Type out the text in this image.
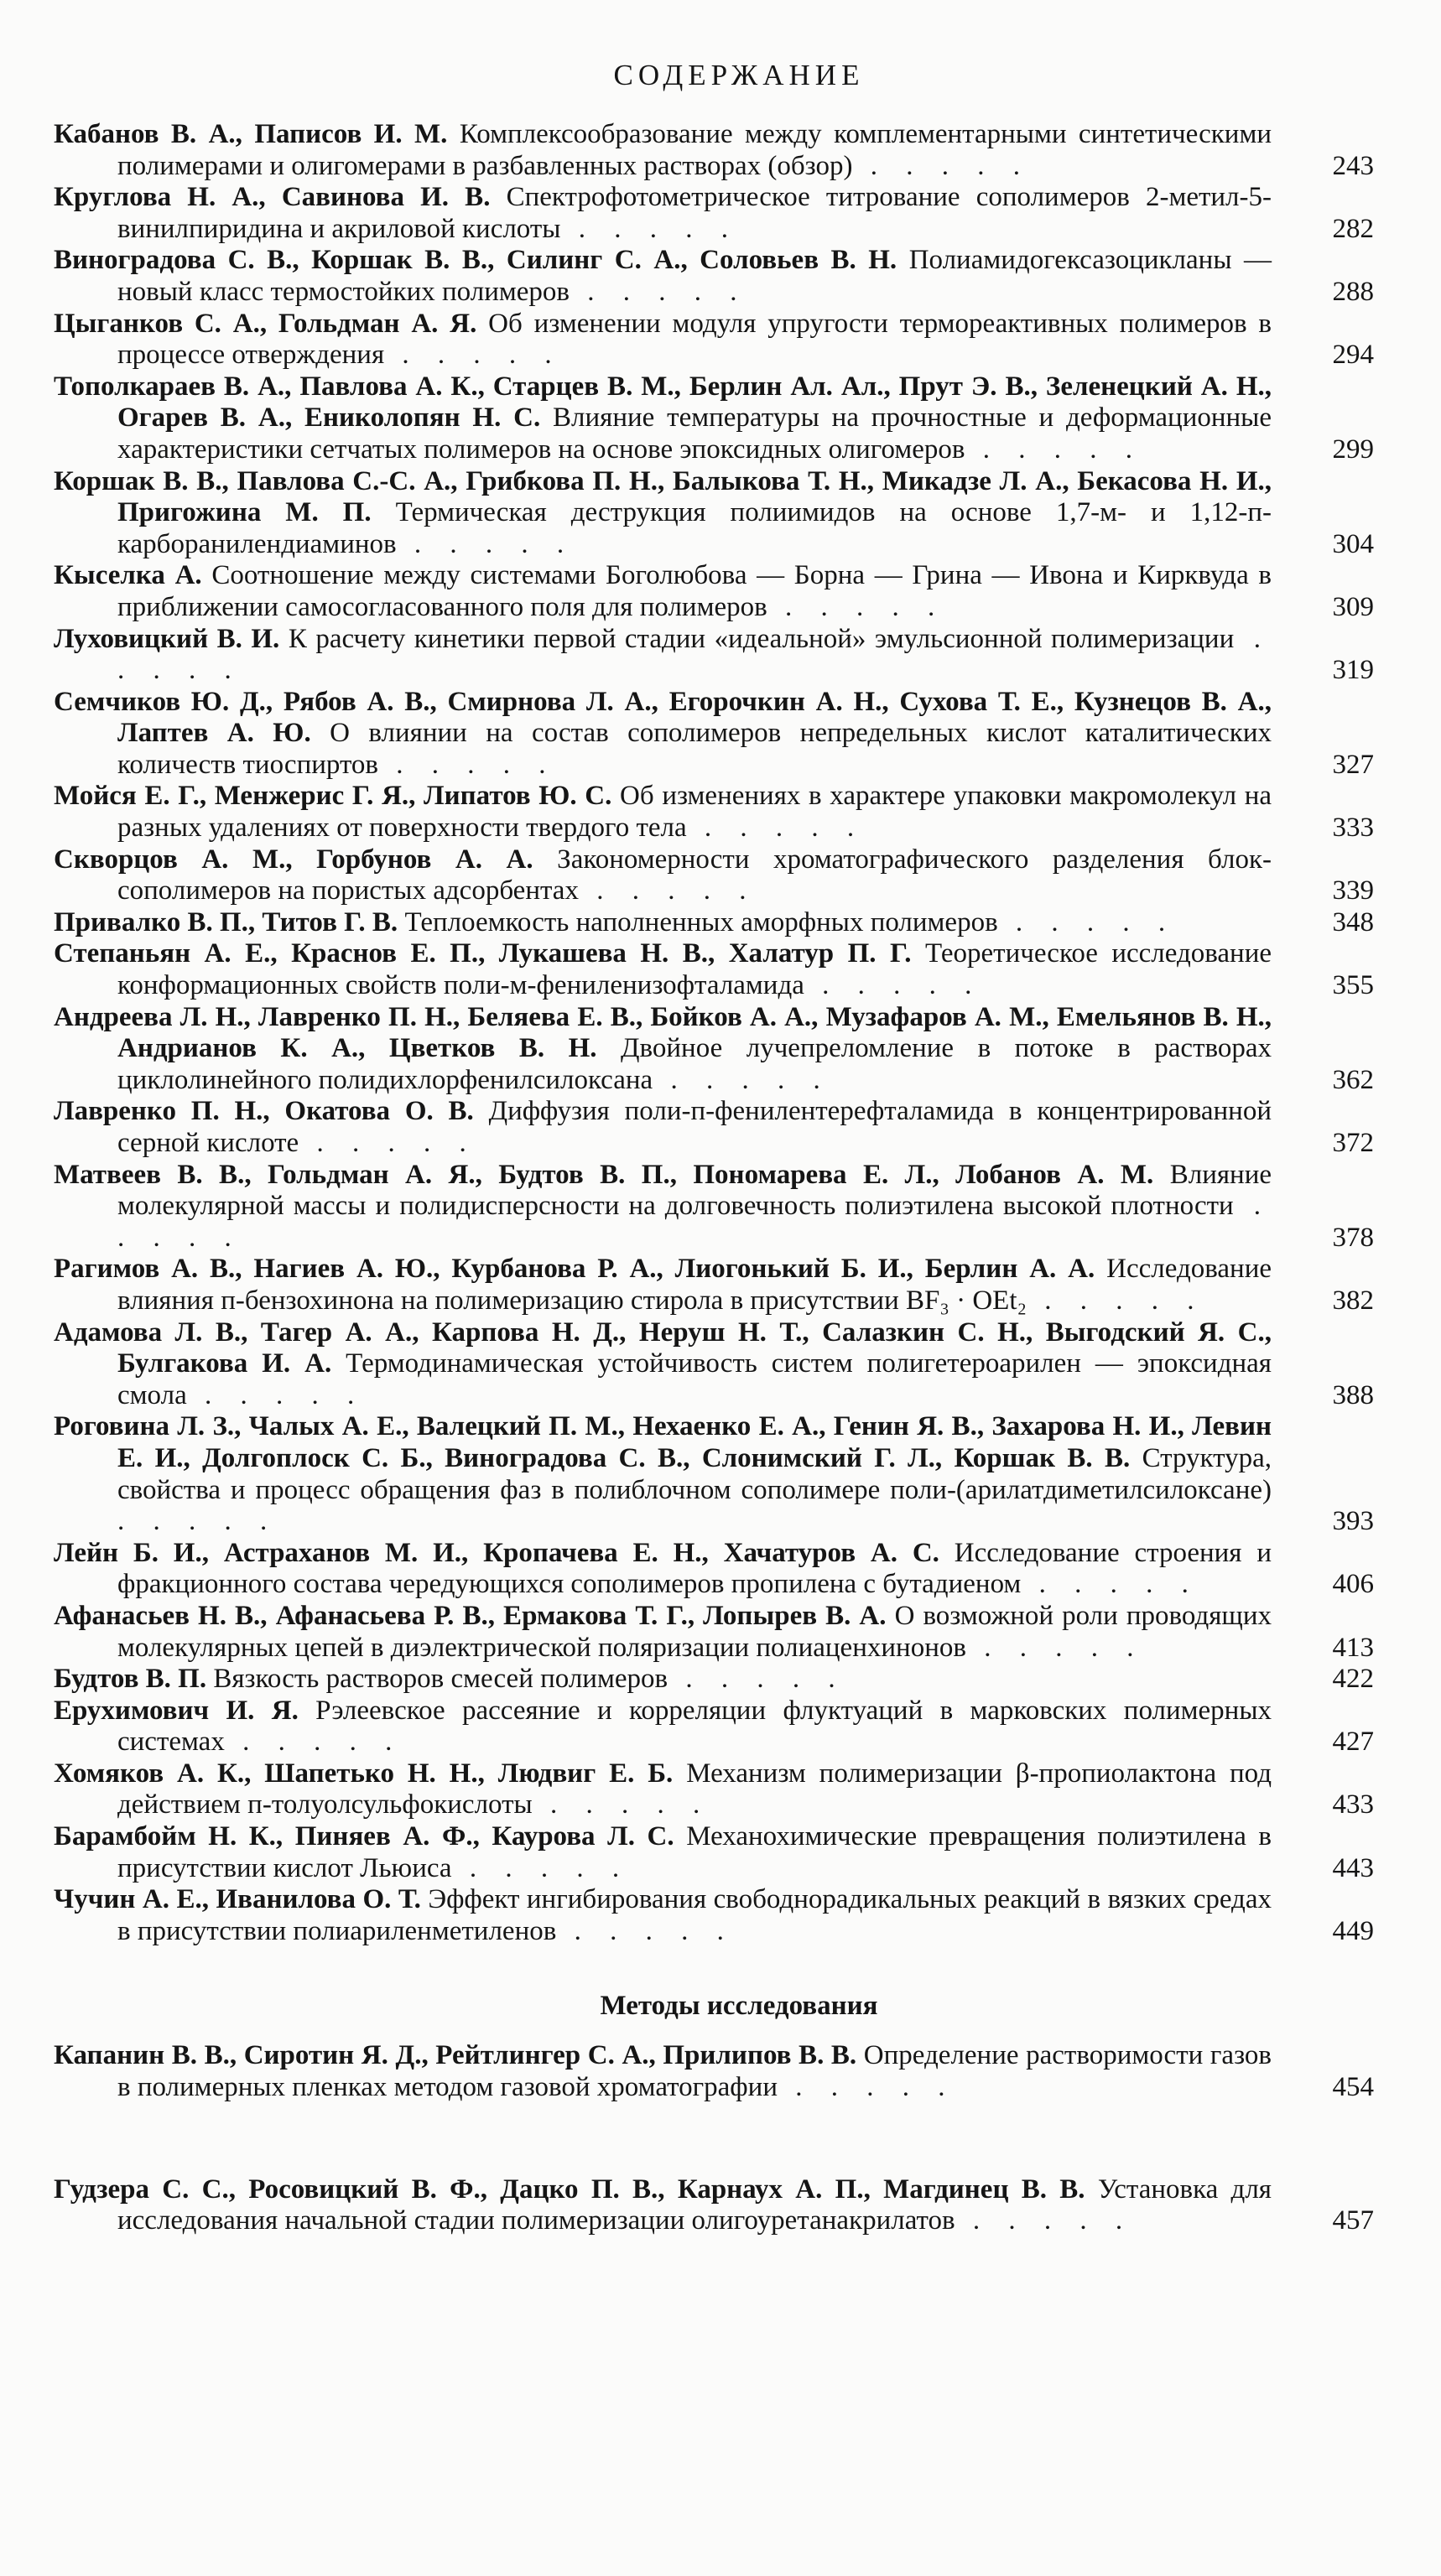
СОДЕРЖАНИЕ
Кабанов В. А., Паписов И. М. Комплексообразование между комплементарными синтетическими полимерами и олигомерами в разбавленных растворах (обзор) . . . . .	243
Круглова Н. А., Савинова И. В. Спектрофотометрическое титрование сополимеров 2-метил-5-винилпиридина и акриловой кислоты . . . . .	282
Виноградова С. В., Коршак В. В., Силинг С. А., Соловьев В. Н. Полиамидогексазоцикланы — новый класс термостойких полимеров . . . . .	288
Цыганков С. А., Гольдман А. Я. Об изменении модуля упругости термореактивных полимеров в процессе отверждения . . . . .	294
Тополкараев В. А., Павлова А. К., Старцев В. М., Берлин Ал. Ал., Прут Э. В., Зеленецкий А. Н., Огарев В. А., Ениколопян Н. С. Влияние температуры на прочностные и деформационные характеристики сетчатых полимеров на основе эпоксидных олигомеров . . . . .	299
Коршак В. В., Павлова С.-С. А., Грибкова П. Н., Балыкова Т. Н., Микадзе Л. А., Бекасова Н. И., Пригожина М. П. Термическая деструкция полиимидов на основе 1,7-м- и 1,12-п-карборанилендиаминов . . . . .	304
Кыселка А. Соотношение между системами Боголюбова — Борна — Грина — Ивона и Кирквуда в приближении самосогласованного поля для полимеров . . . . .	309
Луховицкий В. И. К расчету кинетики первой стадии «идеальной» эмульсионной полимеризации . . . . .	319
Семчиков Ю. Д., Рябов А. В., Смирнова Л. А., Егорочкин А. Н., Сухова Т. Е., Кузнецов В. А., Лаптев А. Ю. О влиянии на состав сополимеров непредельных кислот каталитических количеств тиоспиртов . . . . .	327
Мойся Е. Г., Менжерис Г. Я., Липатов Ю. С. Об изменениях в характере упаковки макромолекул на разных удалениях от поверхности твердого тела . . . . .	333
Скворцов А. М., Горбунов А. А. Закономерности хроматографического разделения блок-сополимеров на пористых адсорбентах . . . . .	339
Привалко В. П., Титов Г. В. Теплоемкость наполненных аморфных полимеров . . . . .	348
Степаньян А. Е., Краснов Е. П., Лукашева Н. В., Халатур П. Г. Теоретическое исследование конформационных свойств поли-м-фениленизофталамида . . . . .	355
Андреева Л. Н., Лавренко П. Н., Беляева Е. В., Бойков А. А., Музафаров А. М., Емельянов В. Н., Андрианов К. А., Цветков В. Н. Двойное лучепреломление в потоке в растворах циклолинейного полидихлорфенилсилоксана . . . . .	362
Лавренко П. Н., Окатова О. В. Диффузия поли-п-фенилентерефталамида в концентрированной серной кислоте . . . . .	372
Матвеев В. В., Гольдман А. Я., Будтов В. П., Пономарева Е. Л., Лобанов А. М. Влияние молекулярной массы и полидисперсности на долговечность полиэтилена высокой плотности . . . . .	378
Рагимов А. В., Нагиев А. Ю., Курбанова Р. А., Лиогонький Б. И., Берлин А. А. Исследование влияния п-бензохинона на полимеризацию стирола в присутствии BF₃ · OEt₂ . . . . .	382
Адамова Л. В., Тагер А. А., Карпова Н. Д., Неруш Н. Т., Салазкин С. Н., Выгодский Я. С., Булгакова И. А. Термодинамическая устойчивость систем полигетероарилен — эпоксидная смола . . . . .	388
Роговина Л. З., Чалых А. Е., Валецкий П. М., Нехаенко Е. А., Генин Я. В., Захарова Н. И., Левин Е. И., Долгоплоск С. Б., Виноградова С. В., Слонимский Г. Л., Коршак В. В. Структура, свойства и процесс обращения фаз в полиблочном сополимере поли-(арилатдиметилсилоксане) . . . . .	393
Лейн Б. И., Астраханов М. И., Кропачева Е. Н., Хачатуров А. С. Исследование строения и фракционного состава чередующихся сополимеров пропилена с бутадиеном . . . . .	406
Афанасьев Н. В., Афанасьева Р. В., Ермакова Т. Г., Лопырев В. А. О возможной роли проводящих молекулярных цепей в диэлектрической поляризации полиаценхинонов . . . . .	413
Будтов В. П. Вязкость растворов смесей полимеров . . . . .	422
Ерухимович И. Я. Рэлеевское рассеяние и корреляции флуктуаций в марковских полимерных системах . . . . .	427
Хомяков А. К., Шапетько Н. Н., Людвиг Е. Б. Механизм полимеризации β-пропиолактона под действием п-толуолсульфокислоты . . . . .	433
Барамбойм Н. К., Пиняев А. Ф., Каурова Л. С. Механохимические превращения полиэтилена в присутствии кислот Льюиса . . . . .	443
Чучин А. Е., Иванилова О. Т. Эффект ингибирования свободнорадикальных реакций в вязких средах в присутствии полиариленметиленов . . . . .	449
Методы исследования
Капанин В. В., Сиротин Я. Д., Рейтлингер С. А., Прилипов В. В. Определение растворимости газов в полимерных пленках методом газовой хроматографии . . . . .	454
Гудзера С. С., Росовицкий В. Ф., Дацко П. В., Карнаух А. П., Магдинец В. В. Установка для исследования начальной стадии полимеризации олигоуретанакрилатов . . . . .	457
